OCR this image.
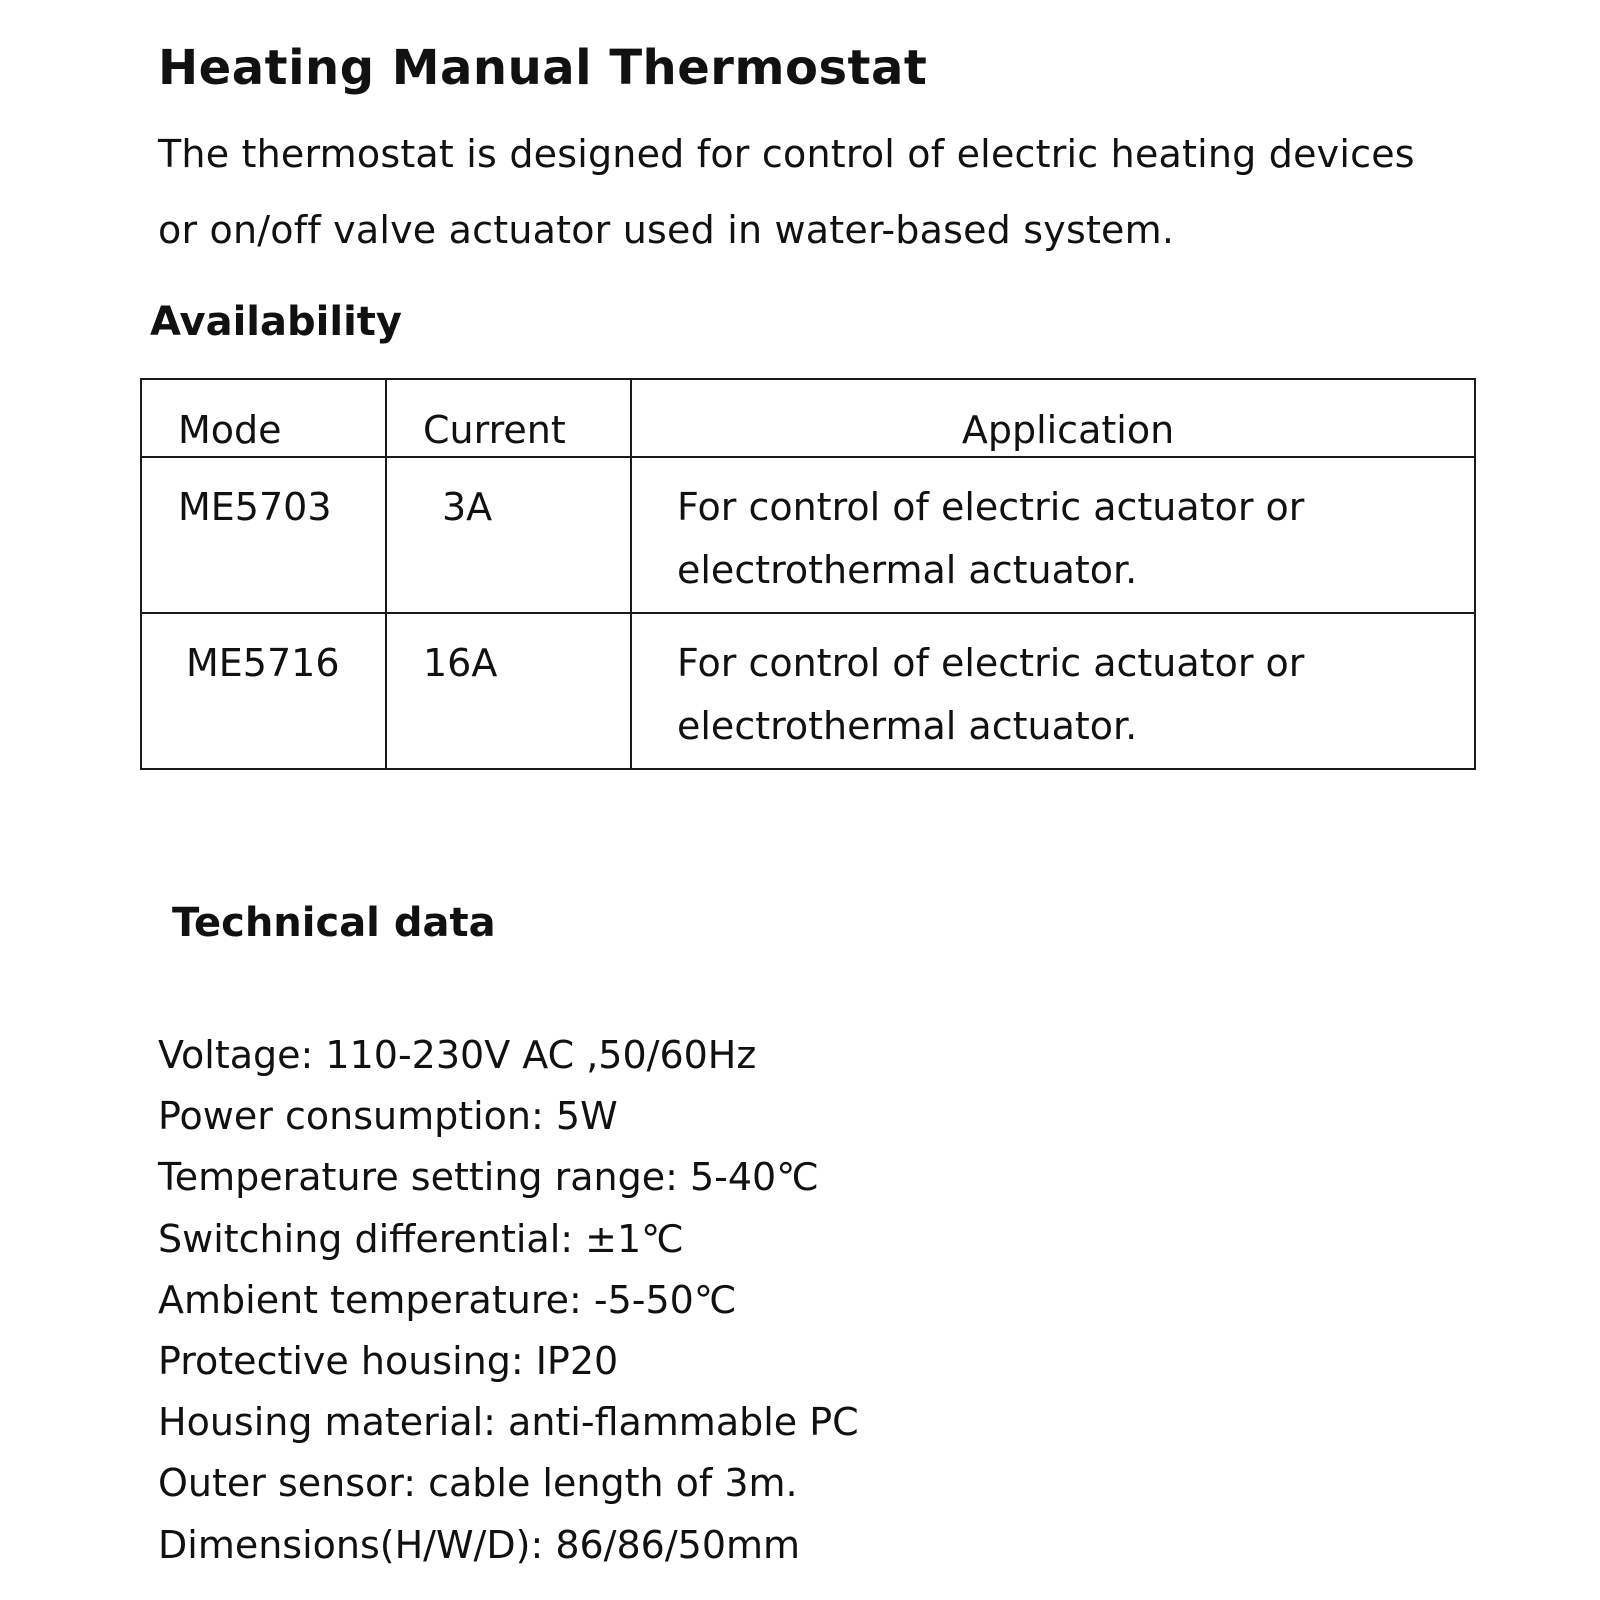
Heating Manual Thermostat

The thermostat is designed for control of electric heating devices
or on/off valve actuator used in water-based system.

Availability
Mode	Current	Application
ME5703	3A	For control of electric actuator or
electrothermal actuator.

ME5716	16A	For control of electric actuator or
electrothermal actuator.
Technical data
Voltage: 110-230V AC ,50/60Hz
Power consumption: 5W
Temperature setting range: 5-40℃
Switching differential: ±1℃
Ambient temperature: -5-50℃
Protective housing: IP20
Housing material: anti-flammable PC
Outer sensor: cable length of 3m.
Dimensions(H/W/D): 86/86/50mm
